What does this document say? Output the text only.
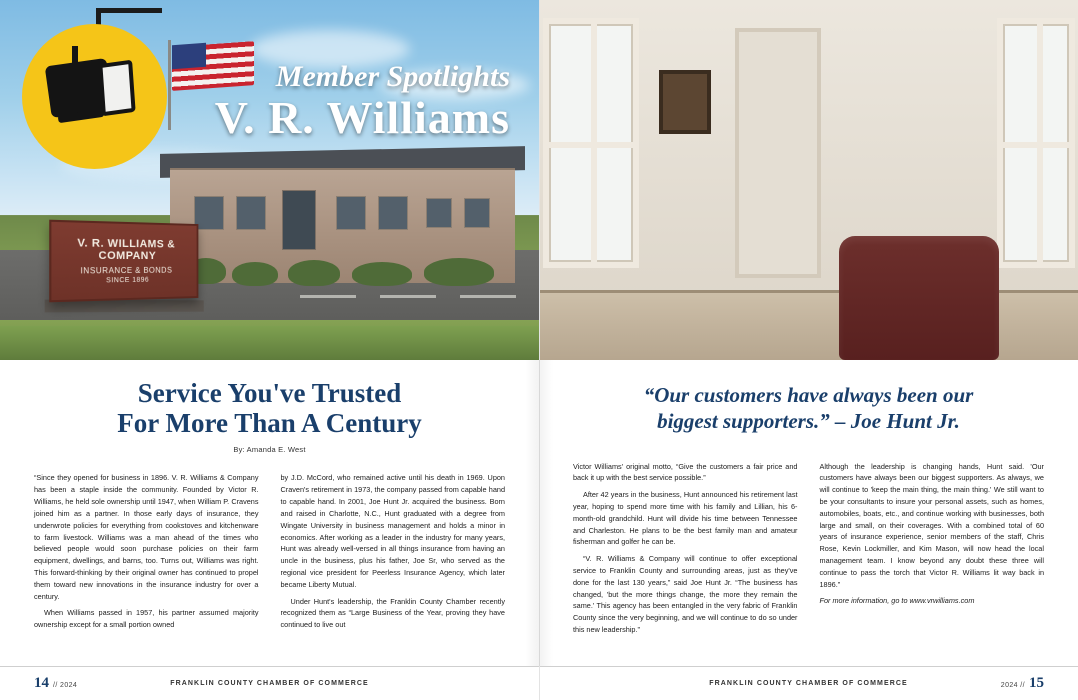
V. R. WILLIAMS & COMPANY
INSURANCE & BONDS
SINCE 1896
Member Spotlights
V. R. Williams
Service You've Trusted
For More Than A Century
By: Amanda E. West

“Since they opened for business in 1896. V. R. Williams & Company has been a staple inside the community. Founded by Victor R. Williams, he held sole ownership until 1947, when William P. Cravens joined him as a partner. In those early days of insurance, they underwrote policies for everything from cookstoves and kitchenware to farm livestock. Williams was a man ahead of the times who believed people would soon purchase policies on their farm equipment, dwellings, and barns, too. Turns out, Williams was right. This forward-thinking by their original owner has continued to propel them toward new innovations in the insurance industry for over a century.

When Williams passed in 1957, his partner assumed majority ownership except for a small portion owned

by J.D. McCord, who remained active until his death in 1969. Upon Craven's retirement in 1973, the company passed from capable hand to capable hand. In 2001, Joe Hunt Jr. acquired the business. Born and raised in Charlotte, N.C., Hunt graduated with a degree from Wingate University in business management and holds a minor in economics. After working as a leader in the industry for many years, Hunt was already well-versed in all things insurance from having an uncle in the business, plus his father, Joe Sr, who served as the regional vice president for Peerless Insurance Agency, which later became Liberty Mutual.

Under Hunt's leadership, the Franklin County Chamber recently recognized them as “Large Business of the Year, proving they have continued to live out

14 // 2024	FRANKLIN COUNTY CHAMBER OF COMMERCE
“Our customers have always been our
biggest supporters.” – Joe Hunt Jr.

Victor Williams' original motto, “Give the customers a fair price and back it up with the best service possible.”

After 42 years in the business, Hunt announced his retirement last year, hoping to spend more time with his family and Lillian, his 6-month-old grandchild. Hunt will divide his time between Tennessee and Charleston. He plans to be the best family man and amateur fisherman and golfer he can be.

“V. R. Williams & Company will continue to offer exceptional service to Franklin County and surrounding areas, just as they've done for the last 130 years,” said Joe Hunt Jr. “The business has changed, 'but the more things change, the more they remain the same.' This agency has been entangled in the very fabric of Franklin County since the very beginning, and we will continue to do so under this new leadership.”

Although the leadership is changing hands, Hunt said. 'Our customers have always been our biggest supporters. As always, we will continue to 'keep the main thing, the main thing.' We still want to be your consultants to insure your personal assets, such as homes, automobiles, boats, etc., and continue working with businesses, both large and small, on their coverages. With a combined total of 60 years of insurance experience, senior members of the staff, Chris Rose, Kevin Lockmiller, and Kim Mason, will now head the local management team. I know beyond any doubt these three will continue to pass the torch that Victor R. Williams lit way back in 1896.”

For more information, go to www.vrwilliams.com

FRANKLIN COUNTY CHAMBER OF COMMERCE	2024 // 15
